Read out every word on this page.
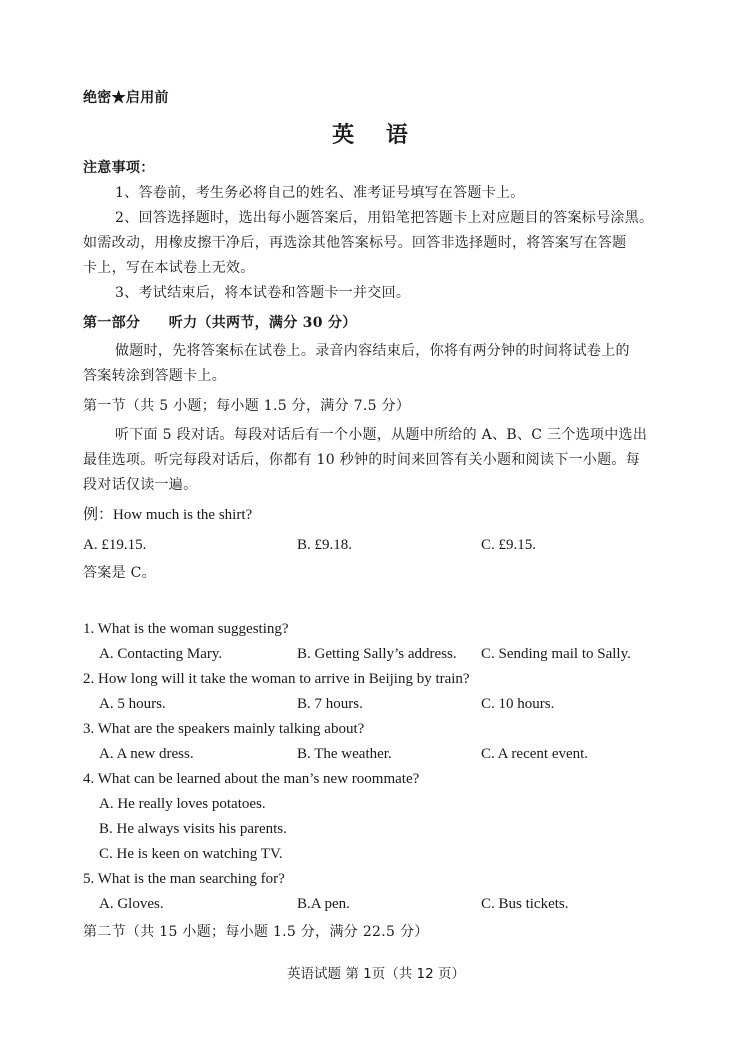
绝密★启用前
英 语
注意事项：
1、答卷前，考生务必将自己的姓名、准考证号填写在答题卡上。
2、回答选择题时，选出每小题答案后，用铅笔把答题卡上对应题目的答案标号涂黑。
如需改动，用橡皮擦干净后，再选涂其他答案标号。回答非选择题时，将答案写在答题
卡上，写在本试卷上无效。
3、考试结束后，将本试卷和答题卡一并交回。
第一部分　　听力（共两节，满分 30 分）
做题时，先将答案标在试卷上。录音内容结束后，你将有两分钟的时间将试卷上的
答案转涂到答题卡上。
第一节（共 5 小题；每小题 1.5 分，满分 7.5 分）
听下面 5 段对话。每段对话后有一个小题，从题中所给的 A、B、C 三个选项中选出
最佳选项。听完每段对话后，你都有 10 秒钟的时间来回答有关小题和阅读下一小题。每
段对话仅读一遍。
例：How much is the shirt?
A. £19.15.	B. £9.18.	C. £9.15.
答案是 C。
1. What is the woman suggesting?
A. Contacting Mary.	B. Getting Sally’s address. C. Sending mail to Sally.
2. How long will it take the woman to arrive in Beijing by train?
A. 5 hours.	B. 7 hours.	C. 10 hours.
3. What are the speakers mainly talking about?
A. A new dress.	B. The weather.	C. A recent event.
4. What can be learned about the man’s new roommate?
A. He really loves potatoes.
B. He always visits his parents.
C. He is keen on watching TV.
5. What is the man searching for?
A. Gloves.	B.A pen.	C. Bus tickets.
第二节（共 15 小题；每小题 1.5 分，满分 22.5 分）
英语试题 第 1页（共 12 页）
